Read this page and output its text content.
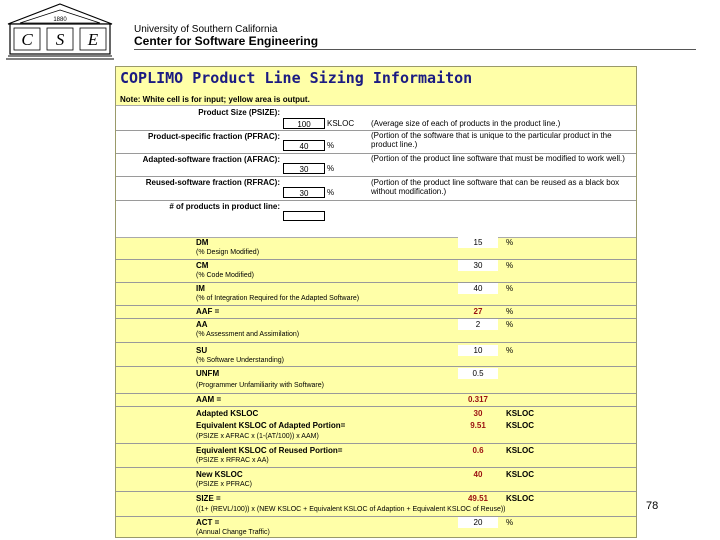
1880
C S E
University of Southern California
Center for Software Engineering
COPLIMO Product Line Sizing Informaiton
Note: White cell is for input; yellow area is output.
Product Size (PSIZE):
100	KSLOC (Average size of each of products in the product line.)
Product-specific fraction (PFRAC):
40	%
(Portion of the software that is unique to the particular product in the product line.)
Adapted-software fraction (AFRAC):
30	%
(Portion of the product line software that must be modified to work well.)
Reused-software fraction (RFRAC):
30	%
(Portion of the product line software that can be reused as a black box without modification.)
# of products in product line:
DM	15	%
(% Design Modified)
CM	30	%
(% Code Modified)
IM	40	%
(% of Integration Required for the Adapted Software)
AAF =	27	%
AA	2	%
(% Assessment and Assimilation)
SU	10	%
(% Software Understanding)
UNFM	0.5
(Programmer Unfamiliarity with Software)
AAM =	0.317
Adapted KSLOC	30	KSLOC
Equivalent KSLOC of Adapted Portion=	9.51	KSLOC
(PSIZE x AFRAC x (1-(AT/100)) x AAM)
Equivalent KSLOC of Reused Portion=	0.6	KSLOC
(PSIZE x RFRAC x AA)
New KSLOC	40	KSLOC
(PSIZE x PFRAC)
SIZE =	49.51	KSLOC
((1+ (REVL/100)) x (NEW KSLOC + Equivalent KSLOC of Adaption + Equivalent KSLOC of Reuse))
ACT =	20	%
(Annual Change Traffic)
78
